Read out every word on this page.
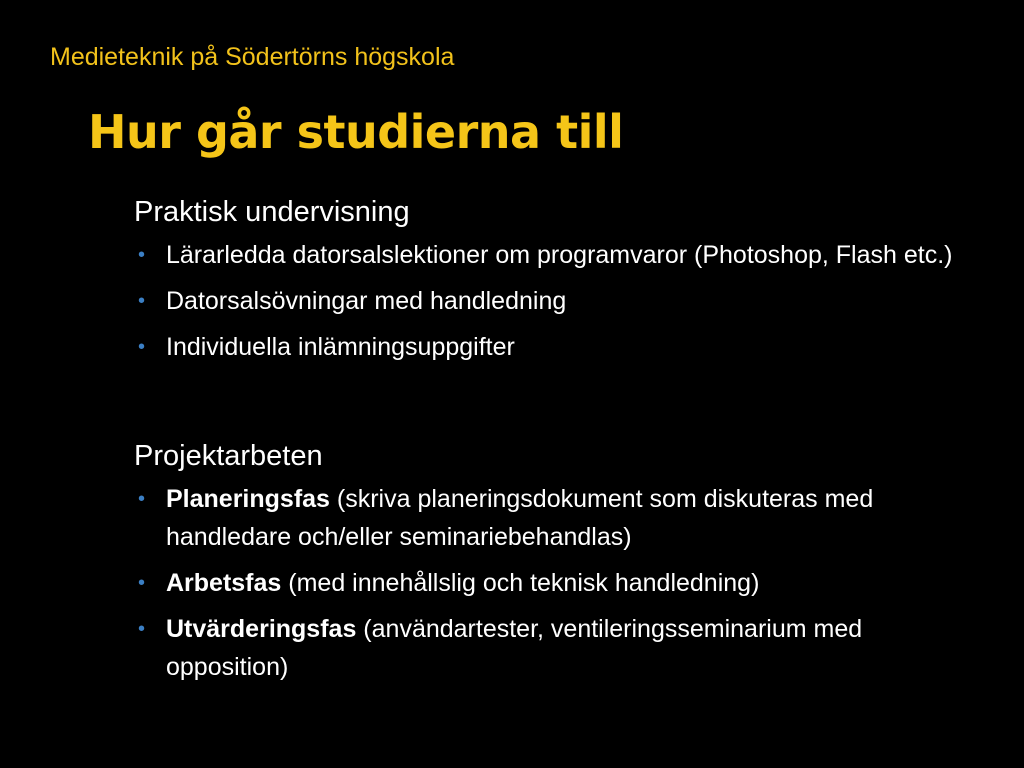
Medieteknik på Södertörns högskola
Hur går studierna till
Praktisk undervisning
• Lärarledda datorsalslektioner om programvaror (Photoshop, Flash etc.)
• Datorsalsövningar med handledning
• Individuella inlämningsuppgifter
Projektarbeten
• Planeringsfas (skriva planeringsdokument som diskuteras med handledare och/eller seminariebehandlas)
• Arbetsfas (med innehållslig och teknisk handledning)
• Utvärderingsfas (användartester, ventileringsseminarium med opposition)
